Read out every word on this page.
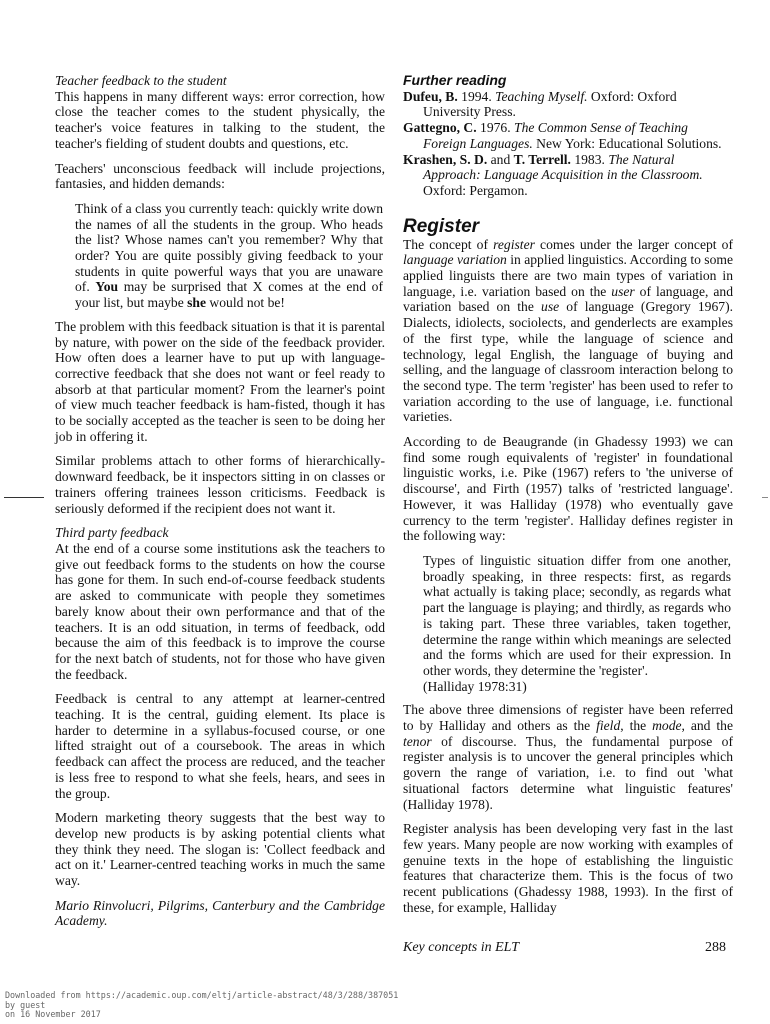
Teacher feedback to the student

This happens in many different ways: error correction, how close the teacher comes to the student physically, the teacher's voice features in talking to the student, the teacher's fielding of student doubts and questions, etc.

Teachers' unconscious feedback will include projections, fantasies, and hidden demands:

Think of a class you currently teach: quickly write down the names of all the students in the group. Who heads the list? Whose names can't you remember? Why that order? You are quite possibly giving feedback to your students in quite powerful ways that you are unaware of. You may be surprised that X comes at the end of your list, but maybe she would not be!

The problem with this feedback situation is that it is parental by nature, with power on the side of the feedback provider. How often does a learner have to put up with language-corrective feedback that she does not want or feel ready to absorb at that particular moment? From the learner's point of view much teacher feedback is ham-fisted, though it has to be socially accepted as the teacher is seen to be doing her job in offering it.

Similar problems attach to other forms of hierarchically-downward feedback, be it inspectors sitting in on classes or trainers offering trainees lesson criticisms. Feedback is seriously deformed if the recipient does not want it.

Third party feedback

At the end of a course some institutions ask the teachers to give out feedback forms to the students on how the course has gone for them. In such end-of-course feedback students are asked to communicate with people they sometimes barely know about their own performance and that of the teachers. It is an odd situation, in terms of feedback, odd because the aim of this feedback is to improve the course for the next batch of students, not for those who have given the feedback.

Feedback is central to any attempt at learner-centred teaching. It is the central, guiding element. Its place is harder to determine in a syllabus-focused course, or one lifted straight out of a coursebook. The areas in which feedback can affect the process are reduced, and the teacher is less free to respond to what she feels, hears, and sees in the group.

Modern marketing theory suggests that the best way to develop new products is by asking potential clients what they think they need. The slogan is: 'Collect feedback and act on it.' Learner-centred teaching works in much the same way.

Mario Rinvolucri, Pilgrims, Canterbury and the Cambridge Academy.
Further reading
Dufeu, B. 1994. Teaching Myself. Oxford: Oxford University Press.
Gattegno, C. 1976. The Common Sense of Teaching Foreign Languages. New York: Educational Solutions.
Krashen, S. D. and T. Terrell. 1983. The Natural Approach: Language Acquisition in the Classroom. Oxford: Pergamon.
Register

The concept of register comes under the larger concept of language variation in applied linguistics. According to some applied linguists there are two main types of variation in language, i.e. variation based on the user of language, and variation based on the use of language (Gregory 1967). Dialects, idiolects, sociolects, and genderlects are examples of the first type, while the language of science and technology, legal English, the language of buying and selling, and the language of classroom interaction belong to the second type. The term 'register' has been used to refer to variation according to the use of language, i.e. functional varieties.

According to de Beaugrande (in Ghadessy 1993) we can find some rough equivalents of 'register' in foundational linguistic works, i.e. Pike (1967) refers to 'the universe of discourse', and Firth (1957) talks of 'restricted language'. However, it was Halliday (1978) who eventually gave currency to the term 'register'. Halliday defines register in the following way:

Types of linguistic situation differ from one another, broadly speaking, in three respects: first, as regards what actually is taking place; secondly, as regards what part the language is playing; and thirdly, as regards who is taking part. These three variables, taken together, determine the range within which meanings are selected and the forms which are used for their expression. In other words, they determine the 'register'.
(Halliday 1978:31)

The above three dimensions of register have been referred to by Halliday and others as the field, the mode, and the tenor of discourse. Thus, the fundamental purpose of register analysis is to uncover the general principles which govern the range of variation, i.e. to find out 'what situational factors determine what linguistic features' (Halliday 1978).

Register analysis has been developing very fast in the last few years. Many people are now working with examples of genuine texts in the hope of establishing the linguistic features that characterize them. This is the focus of two recent publications (Ghadessy 1988, 1993). In the first of these, for example, Halliday

Key concepts in ELT	288
Downloaded from https://academic.oup.com/eltj/article-abstract/48/3/288/387051
by guest
on 16 November 2017
